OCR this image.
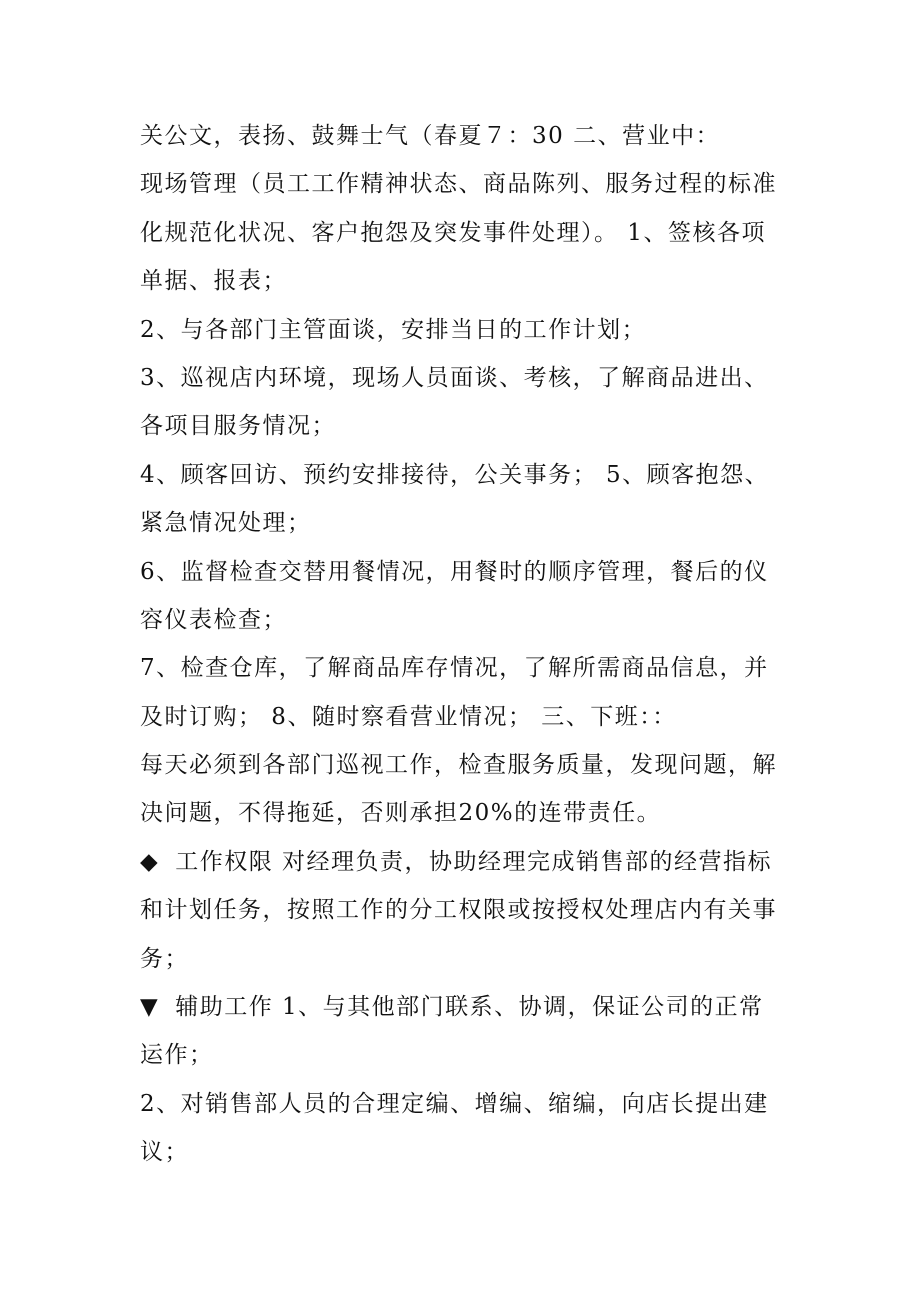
关公文，表扬、鼓舞士气（春夏７：30 二、营业中：
现场管理（员工工作精神状态、商品陈列、服务过程的标准
化规范化状况、客户抱怨及突发事件处理）。 1、签核各项
单据、报表；
2、与各部门主管面谈，安排当日的工作计划；
3、巡视店内环境，现场人员面谈、考核，了解商品进出、
各项目服务情况；
4、顾客回访、预约安排接待，公关事务； 5、顾客抱怨、
紧急情况处理；
6、监督检查交替用餐情况，用餐时的顺序管理，餐后的仪
容仪表检查；
7、检查仓库，了解商品库存情况，了解所需商品信息，并
及时订购； 8、随时察看营业情况； 三、下班：：
每天必须到各部门巡视工作，检查服务质量，发现问题，解
决问题，不得拖延，否则承担20%的连带责任。
◆ 工作权限 对经理负责，协助经理完成销售部的经营指标
和计划任务，按照工作的分工权限或按授权处理店内有关事
务；
▼ 辅助工作 1、与其他部门联系、协调，保证公司的正常
运作；
2、对销售部人员的合理定编、增编、缩编，向店长提出建
议；
